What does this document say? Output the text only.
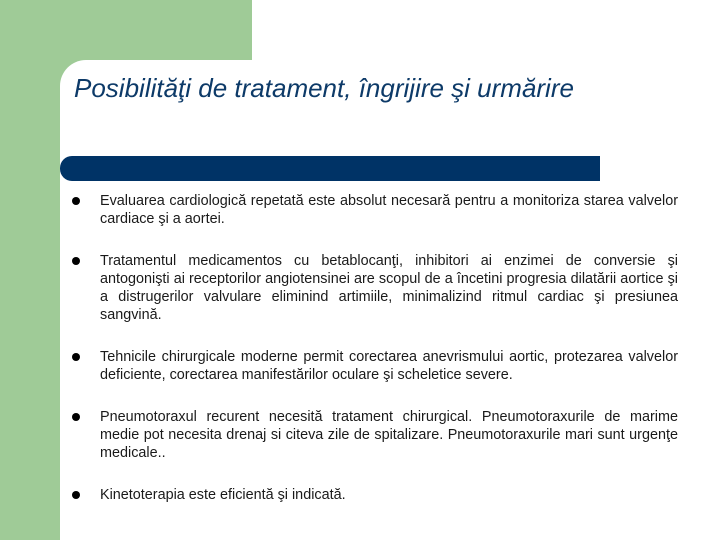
Posibilităţi de tratament, îngrijire şi urmărire
Evaluarea cardiologică repetată este absolut necesară pentru a monitoriza starea valvelor cardiace şi a aortei.
Tratamentul medicamentos cu betablocanţi, inhibitori ai enzimei de conversie şi antogonişti ai receptorilor angiotensinei are scopul de a încetini progresia dilatării aortice şi a distrugerilor valvulare eliminind artimiile, minimalizind ritmul cardiac şi presiunea sangvină.
Tehnicile chirurgicale moderne permit corectarea anevrismului aortic, protezarea valvelor deficiente, corectarea manifestărilor oculare şi scheletice severe.
Pneumotoraxul recurent necesită tratament chirurgical. Pneumotoraxurile de marime medie pot necesita drenaj si citeva zile de spitalizare. Pneumotoraxurile mari sunt urgenţe medicale..
Kinetoterapia este eficientă şi indicată.
